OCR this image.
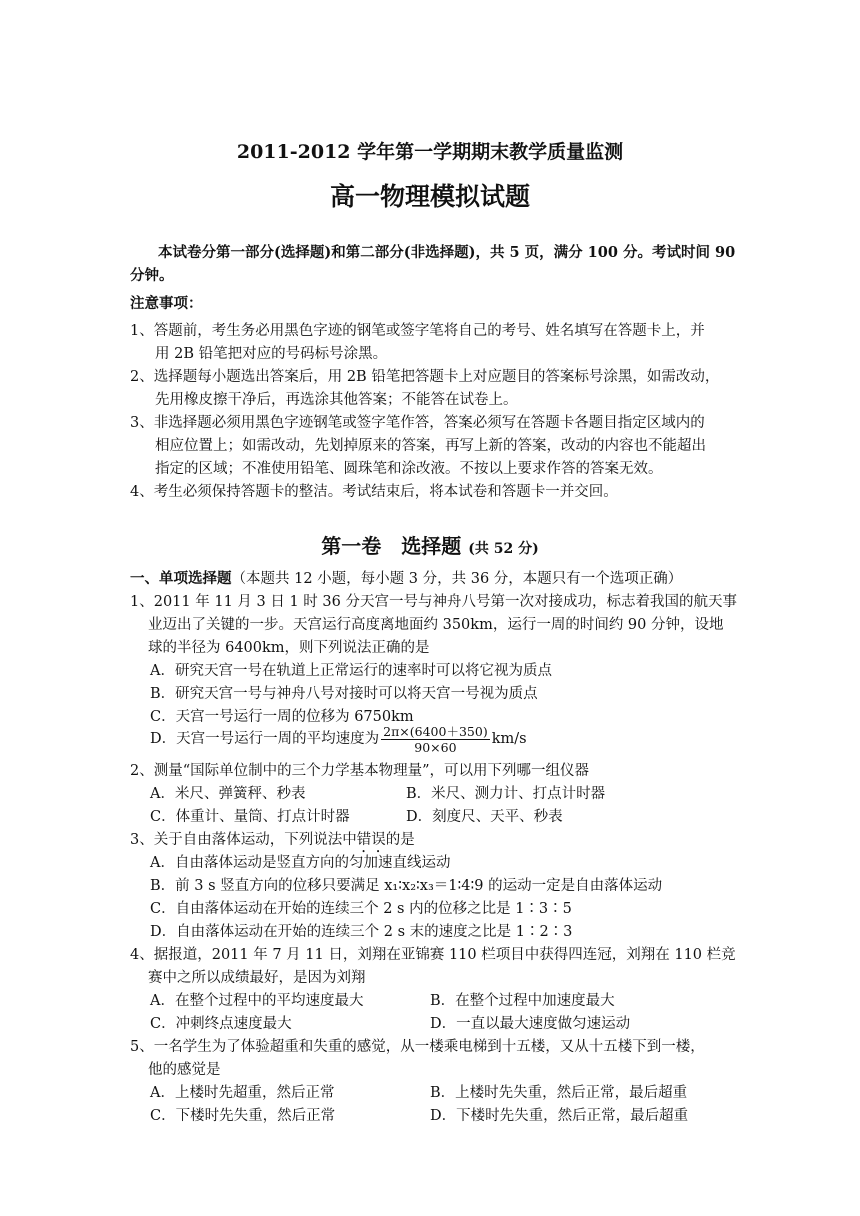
2011-2012 学年第一学期期末教学质量监测
高一物理模拟试题
本试卷分第一部分(选择题)和第二部分(非选择题)，共 5 页，满分 100 分。考试时间 90
分钟。
注意事项：
1、答题前，考生务必用黑色字迹的钢笔或签字笔将自己的考号、姓名填写在答题卡上，并
用 2B 铅笔把对应的号码标号涂黑。
2、选择题每小题选出答案后，用 2B 铅笔把答题卡上对应题目的答案标号涂黑，如需改动，
先用橡皮擦干净后，再选涂其他答案；不能答在试卷上。
3、非选择题必须用黑色字迹钢笔或签字笔作答，答案必须写在答题卡各题目指定区域内的
相应位置上；如需改动，先划掉原来的答案，再写上新的答案，改动的内容也不能超出
指定的区域；不准使用铅笔、圆珠笔和涂改液。不按以上要求作答的答案无效。
4、考生必须保持答题卡的整洁。考试结束后，将本试卷和答题卡一并交回。
第一卷　选择题 (共 52 分)
一、单项选择题（本题共 12 小题，每小题 3 分，共 36 分，本题只有一个选项正确）
1、2011 年 11 月 3 日 1 时 36 分天宫一号与神舟八号第一次对接成功，标志着我国的航天事
业迈出了关键的一步。天宫运行高度离地面约 350km，运行一周的时间约 90 分钟，设地
球的半径为 6400km，则下列说法正确的是
A．研究天宫一号在轨道上正常运行的速率时可以将它视为质点
B．研究天宫一号与神舟八号对接时可以将天宫一号视为质点
C．天宫一号运行一周的位移为 6750km
D．天宫一号运行一周的平均速度为 $\frac{2\pi\times(6400+350)}{90\times 60} km/s$
2、测量“国际单位制中的三个力学基本物理量”，可以用下列哪一组仪器
A．米尺、弹簧秤、秒表	B．米尺、测力计、打点计时器
C．体重计、量筒、打点计时器	D．刻度尺、天平、秒表
3、关于自由落体运动，下列说法中错误的是
A．自由落体运动是竖直方向的匀加速直线运动
B．前 3 s 竖直方向的位移只要满足 x₁∶x₂∶x₃＝1∶4∶9 的运动一定是自由落体运动
C．自由落体运动在开始的连续三个 2 s 内的位移之比是 1∶3∶5
D．自由落体运动在开始的连续三个 2 s 末的速度之比是 1∶2∶3
4、据报道，2011 年 7 月 11 日，刘翔在亚锦赛 110 栏项目中获得四连冠，刘翔在 110 栏竞
赛中之所以成绩最好，是因为刘翔
A．在整个过程中的平均速度最大	B．在整个过程中加速度最大
C．冲刺终点速度最大	D．一直以最大速度做匀速运动
5、一名学生为了体验超重和失重的感觉，从一楼乘电梯到十五楼，又从十五楼下到一楼，
他的感觉是
A．上楼时先超重，然后正常	B．上楼时先失重，然后正常，最后超重
C．下楼时先失重，然后正常	D．下楼时先失重，然后正常，最后超重
